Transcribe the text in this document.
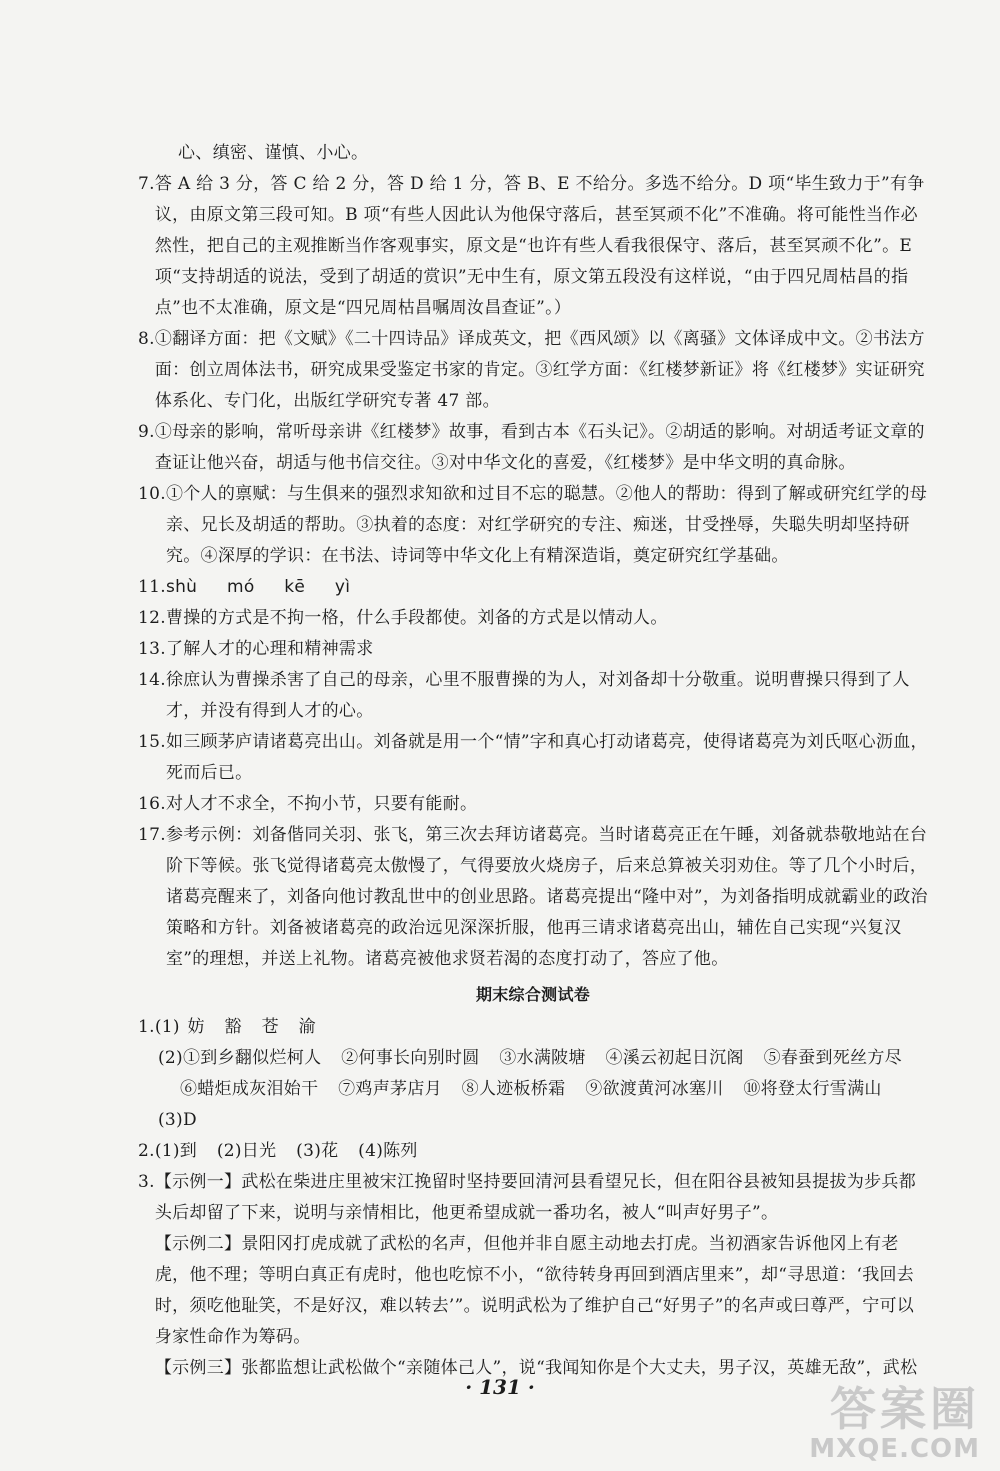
心、缜密、谨慎、小心。

7. 答 A 给 3 分，答 C 给 2 分，答 D 给 1 分，答 B、E 不给分。多选不给分。D 项“毕生致力于”有争议，由原文第三段可知。B 项“有些人因此认为他保守落后，甚至冥顽不化”不准确。将可能性当作必然性，把自己的主观推断当作客观事实，原文是“也许有些人看我很保守、落后，甚至冥顽不化”。E 项“支持胡适的说法，受到了胡适的赏识”无中生有，原文第五段没有这样说，“由于四兄周枯昌的指点”也不太准确，原文是“四兄周枯昌嘱周汝昌查证”。）
8. ①翻译方面：把《文赋》《二十四诗品》译成英文，把《西风颂》以《离骚》文体译成中文。②书法方面：创立周体法书，研究成果受鉴定书家的肯定。③红学方面：《红楼梦新证》将《红楼梦》实证研究体系化、专门化，出版红学研究专著 47 部。
9. ①母亲的影响，常听母亲讲《红楼梦》故事，看到古本《石头记》。②胡适的影响。对胡适考证文章的查证让他兴奋，胡适与他书信交往。③对中华文化的喜爱，《红楼梦》是中华文明的真命脉。
10. ①个人的禀赋：与生俱来的强烈求知欲和过目不忘的聪慧。②他人的帮助：得到了解或研究红学的母亲、兄长及胡适的帮助。③执着的态度：对红学研究的专注、痴迷，甘受挫辱，失聪失明却坚持研究。④深厚的学识：在书法、诗词等中华文化上有精深造诣，奠定研究红学基础。
11. shù mó kē yì
12. 曹操的方式是不拘一格，什么手段都使。刘备的方式是以情动人。
13. 了解人才的心理和精神需求
14. 徐庶认为曹操杀害了自己的母亲，心里不服曹操的为人，对刘备却十分敬重。说明曹操只得到了人才，并没有得到人才的心。
15. 如三顾茅庐请诸葛亮出山。刘备就是用一个“情”字和真心打动诸葛亮，使得诸葛亮为刘氏呕心沥血，死而后已。
16. 对人才不求全，不拘小节，只要有能耐。
17. 参考示例：刘备偕同关羽、张飞，第三次去拜访诸葛亮。当时诸葛亮正在午睡，刘备就恭敬地站在台阶下等候。张飞觉得诸葛亮太傲慢了，气得要放火烧房子，后来总算被关羽劝住。等了几个小时后，诸葛亮醒来了，刘备向他讨教乱世中的创业思路。诸葛亮提出“隆中对”，为刘备指明成就霸业的政治策略和方针。刘备被诸葛亮的政治远见深深折服，他再三请求诸葛亮出山，辅佐自己实现“兴复汉室”的理想，并送上礼物。诸葛亮被他求贤若渴的态度打动了，答应了他。
期末综合测试卷
1. (1) 妨 豁 苍 渝

(2)①到乡翻似烂柯人 ②何事长向别时圆 ③水满陂塘 ④溪云初起日沉阁 ⑤春蚕到死丝方尽

⑥蜡炬成灰泪始干 ⑦鸡声茅店月 ⑧人迹板桥霜 ⑨欲渡黄河冰塞川 ⑩将登太行雪满山

(3)D

2. (1)到 (2)日光 (3)花 (4)陈列
3. 【示例一】武松在柴进庄里被宋江挽留时坚持要回清河县看望兄长，但在阳谷县被知县提拔为步兵都头后却留了下来，说明与亲情相比，他更希望成就一番功名，被人“叫声好男子”。
【示例二】景阳冈打虎成就了武松的名声，但他并非自愿主动地去打虎。当初酒家告诉他冈上有老虎，他不理；等明白真正有虎时，他也吃惊不小，“欲待转身再回到酒店里来”，却“寻思道：‘我回去时，须吃他耻笑，不是好汉，难以转去’”。说明武松为了维护自己“好男子”的名声或曰尊严，宁可以身家性命作为筹码。
【示例三】张都监想让武松做个“亲随体己人”，说“我闻知你是个大丈夫，男子汉，英雄无敌”，武松
· 131 ·	答案圈
MXQE.COM
